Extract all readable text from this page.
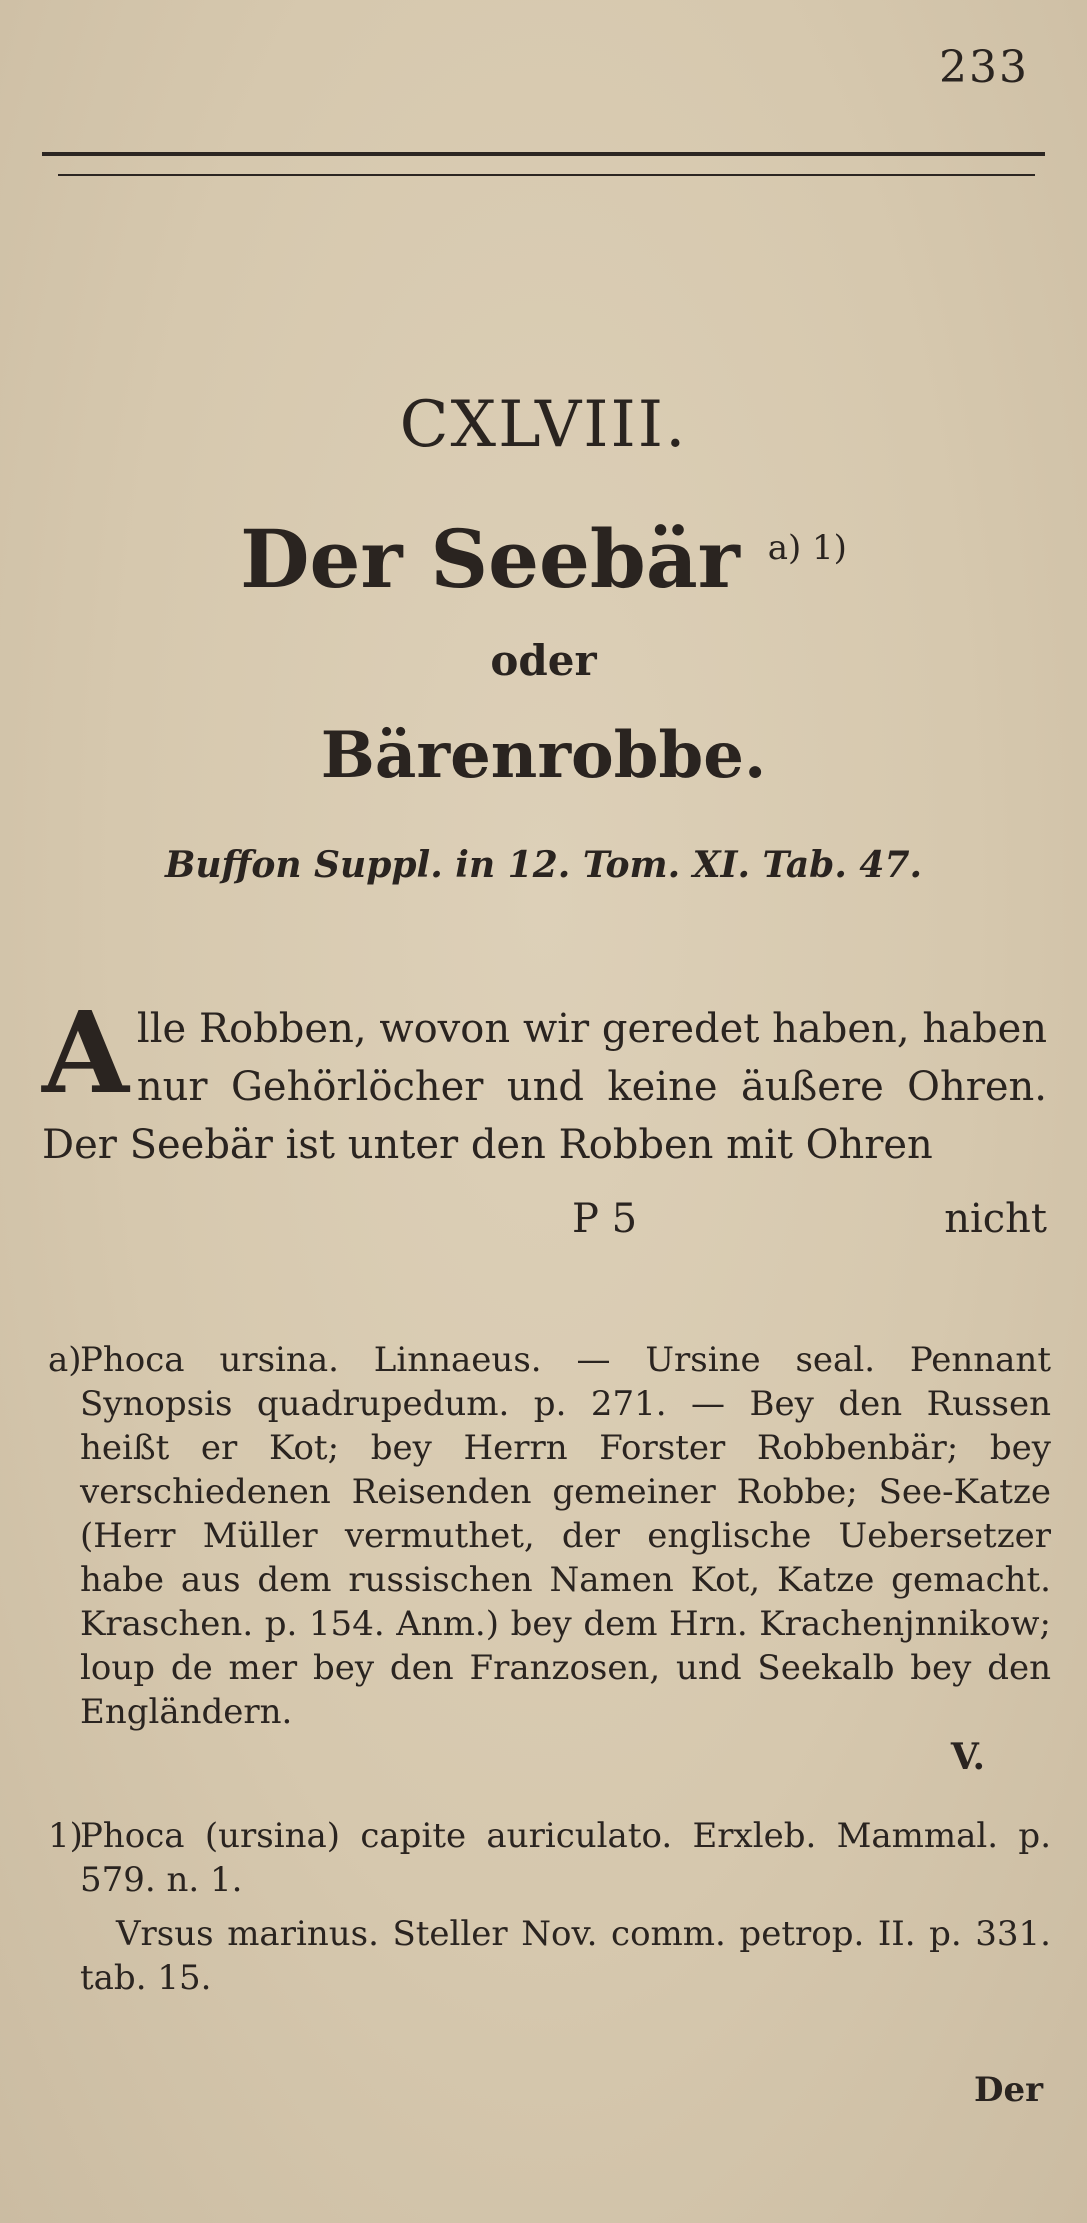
233
CXLVIII.
Der Seebär $^{a) 1)}$
oder
Bärenrobbe.
Buffon Suppl. in 12. Tom. XI. Tab. 47.
A lle Robben, wovon wir geredet haben, haben nur Gehörlöcher und keine äußere Ohren. Der Seebär ist unter den Robben mit Ohren
P 5	nicht
a)
Phoca ursina. Linnaeus. — Ursine seal. Pennant Synopsis quadrupedum. p. 271. — Bey den Russen heißt er Kot; bey Herrn Forster Robbenbär; bey verschiedenen Reisenden gemeiner Robbe; See-Katze (Herr Müller vermuthet, der englische Uebersetzer habe aus dem russischen Namen Kot, Katze gemacht. Kraschen. p. 154. Anm.) bey dem Hrn. Krachenjnnikow; loup de mer bey den Franzosen, und Seekalb bey den Engländern.
V.
1)
Phoca (ursina) capite auriculato. Erxleb. Mammal. p. 579. n. 1.
Vrsus marinus. Steller Nov. comm. petrop. II. p. 331. tab. 15.
Der
